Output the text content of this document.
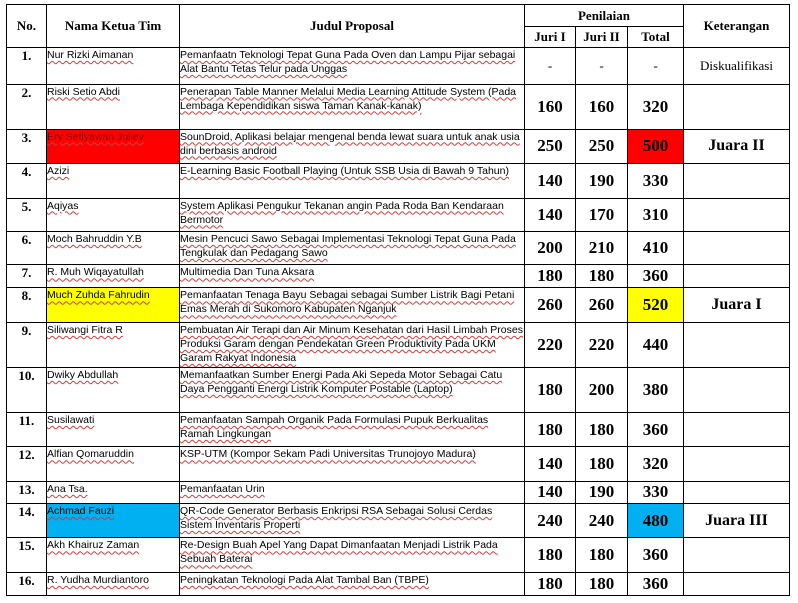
No.	Nama Ketua Tim	Judul Proposal	Penilaian			Keterangan
			Juri I	Juri II	Total	
1.	Nur Rizki Aimanan	Pemanfaatn Teknologi Tepat Guna Pada Oven dan Lampu Pijar sebagai Alat Bantu Tetas Telur pada Unggas	-	-	-	Diskualifikasi
2.	Riski Setio Abdi	Penerapan Table Manner Melalui Media Learning Attitude System (Pada Lembaga Kependidikan siswa Taman Kanak-kanak)	160	160	320	
3.	Ery Setiyawan Juliev	SounDroid, Aplikasi belajar mengenal benda lewat suara untuk anak usia dini berbasis android	250	250	500	Juara II
4.	Azizi	E-Learning Basic Football Playing (Untuk SSB Usia di Bawah 9 Tahun)	140	190	330	
5.	Aqiyas	System Aplikasi Pengukur Tekanan angin Pada Roda Ban Kendaraan Bermotor	140	170	310	
6.	Moch Bahruddin Y.B	Mesin Pencuci Sawo Sebagai Implementasi Teknologi Tepat Guna Pada Tengkulak dan Pedagang Sawo	200	210	410	
7.	R. Muh Wiqayatullah	Multimedia Dan Tuna Aksara	180	180	360	
8.	Much Zuhda Fahrudin	Pemanfaatan Tenaga Bayu Sebagai sebagai Sumber Listrik Bagi Petani Emas Merah di Sukomoro Kabupaten Nganjuk	260	260	520	Juara I
9.	Siliwangi Fitra R	Pembuatan Air Terapi dan Air Minum Kesehatan dari Hasil Limbah Proses Produksi Garam dengan Pendekatan Green Produktivity Pada UKM Garam Rakyat Indonesia	220	220	440	
10.	Dwiky Abdullah	Memanfaatkan Sumber Energi Pada Aki Sepeda Motor Sebagai Catu Daya Pengganti Energi Listrik Komputer Postable (Laptop)	180	200	380	
11.	Susilawati	Pemanfaatan Sampah Organik Pada Formulasi Pupuk Berkualitas Ramah Lingkungan	180	180	360	
12.	Alfian Qomaruddin	KSP-UTM (Kompor Sekam Padi Universitas Trunojoyo Madura)	140	180	320	
13.	Ana Tsa.	Pemanfaatan Urin	140	190	330	
14.	Achmad Fauzi	QR-Code Generator Berbasis Enkripsi RSA Sebagai Solusi Cerdas Sistem Inventaris Properti	240	240	480	Juara III
15.	Akh Khairuz Zaman	Re-Design Buah Apel Yang Dapat Dimanfaatan Menjadi Listrik Pada Sebuah Baterai	180	180	360	
16.	R. Yudha Murdiantoro	Peningkatan Teknologi Pada Alat Tambal Ban (TBPE)	180	180	360	
